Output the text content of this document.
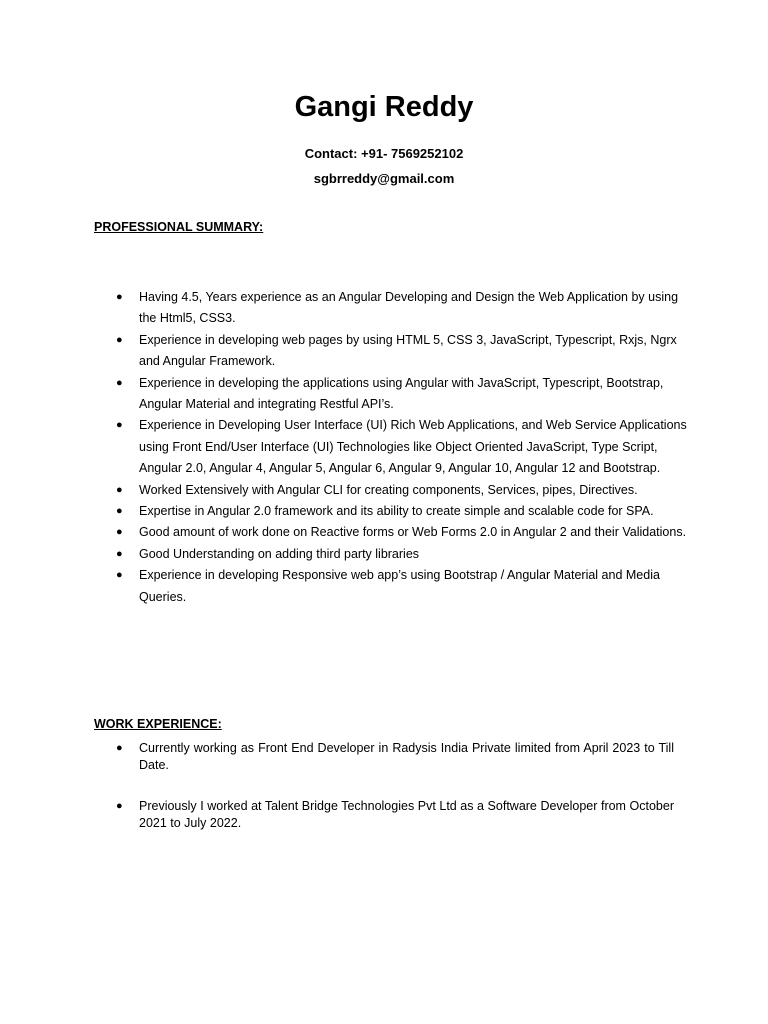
Gangi Reddy

Contact: +91- 7569252102

sgbrreddy@gmail.com

PROFESSIONAL SUMMARY:
● Having 4.5, Years experience as an Angular Developing and Design the Web Application by using the Html5, CSS3.
● Experience in developing web pages by using HTML 5, CSS 3, JavaScript, Typescript, Rxjs, Ngrx and Angular Framework.
● Experience in developing the applications using Angular with JavaScript, Typescript, Bootstrap, Angular Material and integrating Restful API’s.
● Experience in Developing User Interface (UI) Rich Web Applications, and Web Service Applications using Front End/User Interface (UI) Technologies like Object Oriented JavaScript, Type Script, Angular 2.0, Angular 4, Angular 5, Angular 6, Angular 9, Angular 10, Angular 12 and Bootstrap.
● Worked Extensively with Angular CLI for creating components, Services, pipes, Directives.
● Expertise in Angular 2.0 framework and its ability to create simple and scalable code for SPA.
● Good amount of work done on Reactive forms or Web Forms 2.0 in Angular 2 and their Validations.
● Good Understanding on adding third party libraries
● Experience in developing Responsive web app’s using Bootstrap / Angular Material and Media Queries.
WORK EXPERIENCE:
● Currently working as Front End Developer in Radysis India Private limited from April 2023 to Till Date.
● Previously I worked at Talent Bridge Technologies Pvt Ltd as a Software Developer from October 2021 to July 2022.
